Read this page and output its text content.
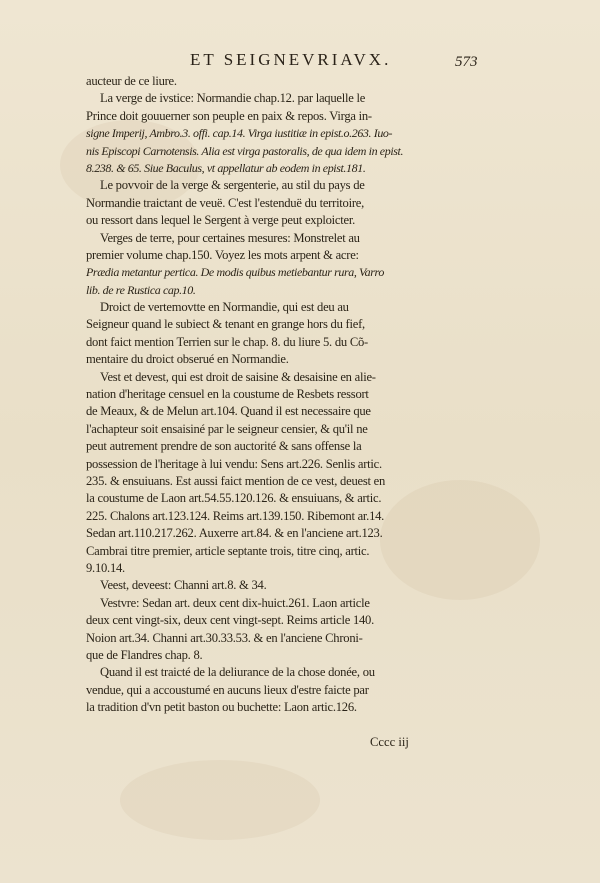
ET SEIGNEVRIAVX.	573
aucteur de ce liure.
La verge de ivstice: Normandie chap.12. par laquelle le
Prince doit gouuerner son peuple en paix & repos. Virga in-
signe Imperij, Ambro.3. offi. cap.14. Virga iustitiæ in epist.o.263. Iuo-
nis Episcopi Carnotensis. Alia est virga pastoralis, de qua idem in epist.
8.238. & 65. Siue Baculus, vt appellatur ab eodem in epist.181.
Le povvoir de la verge & sergenterie, au stil du pays de
Normandie traictant de veuë. C'est l'estenduë du territoire,
ou ressort dans lequel le Sergent à verge peut exploicter.
Verges de terre, pour certaines mesures: Monstrelet au
premier volume chap.150. Voyez les mots arpent & acre:
Prædia metantur pertica. De modis quibus metiebantur rura, Varro
lib. de re Rustica cap.10.
Droict de vertemovtte en Normandie, qui est deu au
Seigneur quand le subiect & tenant en grange hors du fief,
dont faict mention Terrien sur le chap. 8. du liure 5. du Cõ-
mentaire du droict obserué en Normandie.
Vest et devest, qui est droit de saisine & desaisine en alie-
nation d'heritage censuel en la coustume de Resbets ressort
de Meaux, & de Melun art.104. Quand il est necessaire que
l'achapteur soit ensaisiné par le seigneur censier, & qu'il ne
peut autrement prendre de son auctorité & sans offense la
possession de l'heritage à lui vendu: Sens art.226. Senlis artic.
235. & ensuiuans. Est aussi faict mention de ce vest, deuest en
la coustume de Laon art.54.55.120.126. & ensuiuans, & artic.
225. Chalons art.123.124. Reims art.139.150. Ribemont ar.14.
Sedan art.110.217.262. Auxerre art.84. & en l'anciene art.123.
Cambrai titre premier, article septante trois, titre cinq, artic.
9.10.14.
Veest, deveest: Channi art.8. & 34.
Vestvre: Sedan art. deux cent dix-huict.261. Laon article
deux cent vingt-six, deux cent vingt-sept. Reims article 140.
Noion art.34. Channi art.30.33.53. & en l'anciene Chroni-
que de Flandres chap. 8.
Quand il est traicté de la deliurance de la chose donée, ou
vendue, qui a accoustumé en aucuns lieux d'estre faicte par
la tradition d'vn petit baston ou buchette: Laon artic.126.
Cccc iij
